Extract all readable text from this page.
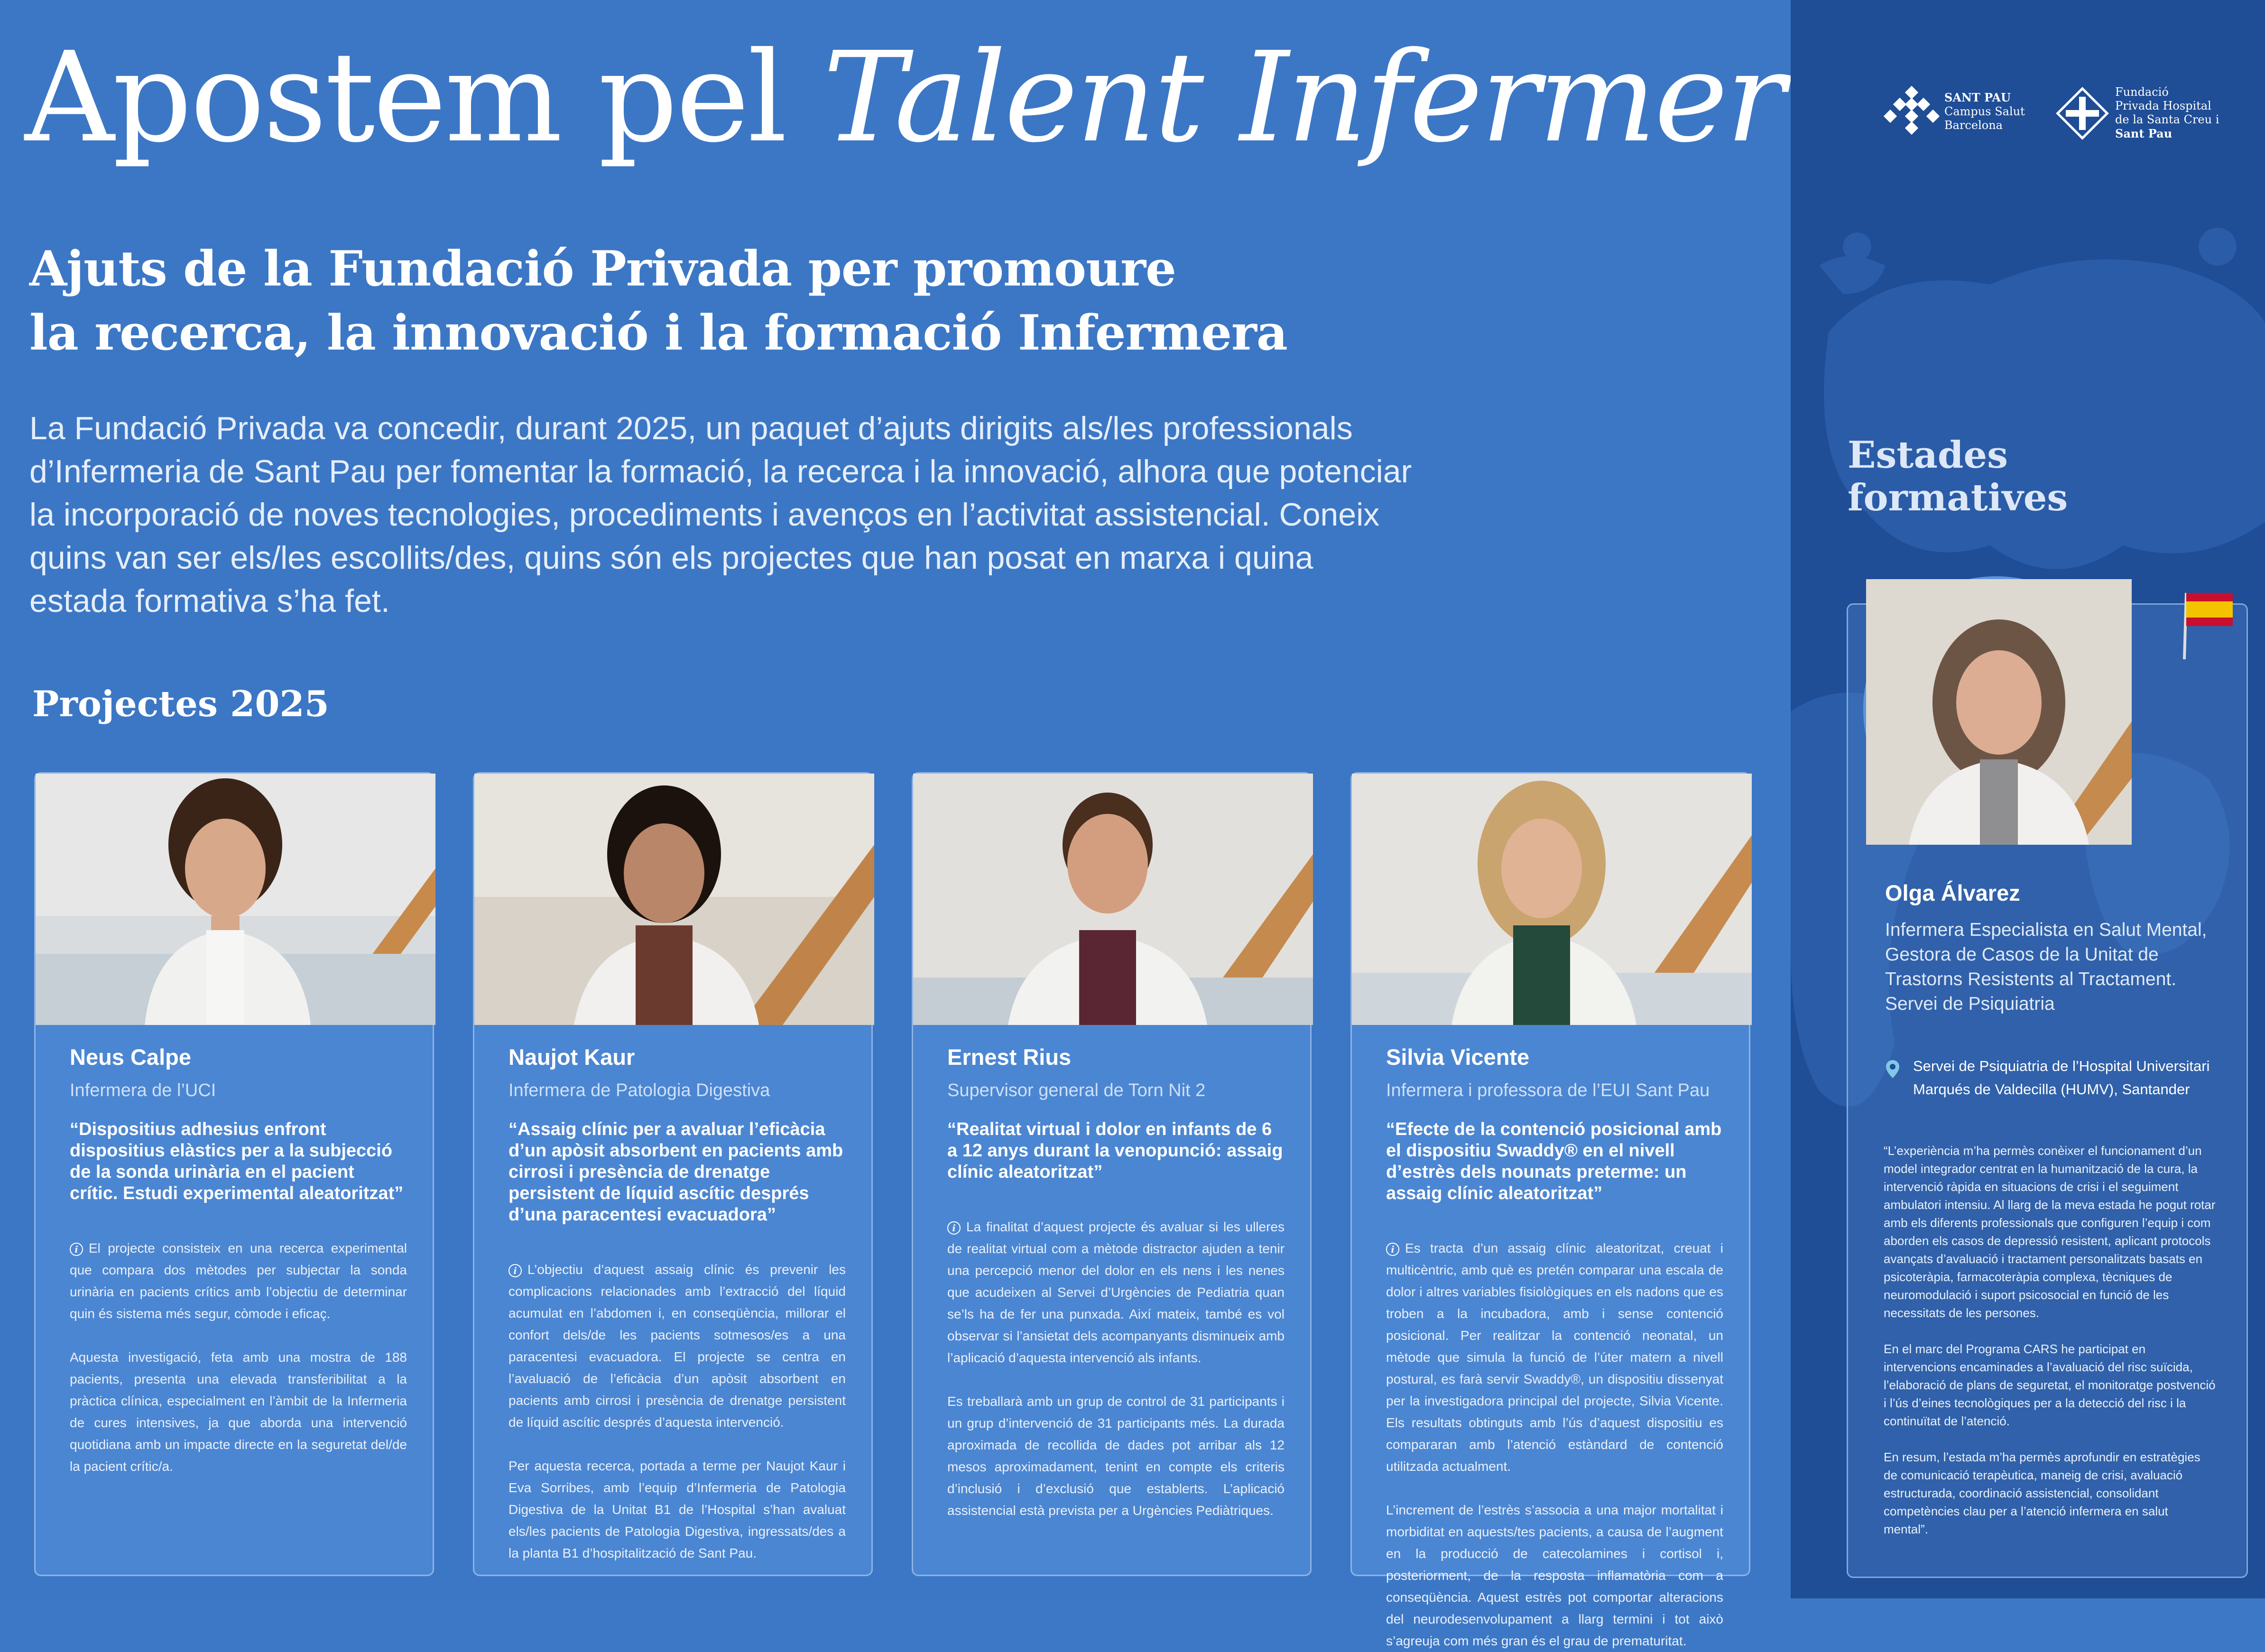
Apostem pel Talent Infermer
Ajuts de la Fundació Privada per promoure
la recerca, la innovació i la formació Infermera

La Fundació Privada va concedir, durant 2025, un paquet d’ajuts dirigits als/les professionals d’Infermeria de Sant Pau per fomentar la formació, la recerca i la innovació, alhora que potenciar la incorporació de noves tecnologies, procediments i avenços en l’activitat assistencial. Coneix quins van ser els/les escollits/des, quins són els projectes que han posat en marxa i quina estada formativa s’ha fet.

Projectes 2025
Neus Calpe
Infermera de l’UCI
“Dispositius adhesius enfront dispositius elàstics per a la subjecció de la sonda urinària en el pacient crític. Estudi experimental aleatoritzat”

i El projecte consisteix en una recerca experimental que compara dos mètodes per subjectar la sonda urinària en pacients crítics amb l’objectiu de determinar quin és sistema més segur, còmode i eficaç.

Aquesta investigació, feta amb una mostra de 188 pacients, presenta una elevada transferibilitat a la pràctica clínica, especialment en l’àmbit de la Infermeria de cures intensives, ja que aborda una intervenció quotidiana amb un impacte directe en la seguretat del/de la pacient crític/a.

Naujot Kaur
Infermera de Patologia Digestiva
“Assaig clínic per a avaluar l’eficàcia d’un apòsit absorbent en pacients amb cirrosi i presència de drenatge persistent de líquid ascític després d’una paracentesi evacuadora”

i L’objectiu d’aquest assaig clínic és prevenir les complicacions relacionades amb l’extracció del líquid acumulat en l’abdomen i, en conseqüència, millorar el confort dels/de les pacients sotmesos/es a una paracentesi evacuadora. El projecte se centra en l’avaluació de l’eficàcia d’un apòsit absorbent en pacients amb cirrosi i presència de drenatge persistent de líquid ascític després d’aquesta intervenció.

Per aquesta recerca, portada a terme per Naujot Kaur i Eva Sorribes, amb l’equip d’Infermeria de Patologia Digestiva de la Unitat B1 de l’Hospital s’han avaluat els/les pacients de Patologia Digestiva, ingressats/des a la planta B1 d’hospitalització de Sant Pau.

Ernest Rius
Supervisor general de Torn Nit 2
“Realitat virtual i dolor en infants de 6 a 12 anys durant la venopunció: assaig clínic aleatoritzat”

i La finalitat d’aquest projecte és avaluar si les ulleres de realitat virtual com a mètode distractor ajuden a tenir una percepció menor del dolor en els nens i les nenes que acudeixen al Servei d’Urgències de Pediatria quan se’ls ha de fer una punxada. Així mateix, també es vol observar si l’ansietat dels acompanyants disminueix amb l’aplicació d’aquesta intervenció als infants.

Es treballarà amb un grup de control de 31 participants i un grup d’intervenció de 31 participants més. La durada aproximada de recollida de dades pot arribar als 12 mesos aproximadament, tenint en compte els criteris d’inclusió i d’exclusió que establerts. L’aplicació assistencial està prevista per a Urgències Pediàtriques.

Silvia Vicente
Infermera i professora de l’EUI Sant Pau
“Efecte de la contenció posicional amb el dispositiu Swaddy® en el nivell d’estrès dels nounats preterme: un assaig clínic aleatoritzat”

i Es tracta d’un assaig clínic aleatoritzat, creuat i multicèntric, amb què es pretén comparar una escala de dolor i altres variables fisiològiques en els nadons que es troben a la incubadora, amb i sense contenció posicional. Per realitzar la contenció neonatal, un mètode que simula la funció de l’úter matern a nivell postural, es farà servir Swaddy®, un dispositiu dissenyat per la investigadora principal del projecte, Silvia Vicente. Els resultats obtinguts amb l’ús d’aquest dispositiu es compararan amb l’atenció estàndard de contenció utilitzada actualment.

L’increment de l’estrès s’associa a una major mortalitat i morbiditat en aquests/tes pacients, a causa de l’augment en la producció de catecolamines i cortisol i, posteriorment, de la resposta inflamatòria com a conseqüència. Aquest estrès pot comportar alteracions del neurodesenvolupament a llarg termini i tot això s’agreuja com més gran és el grau de prematuritat.

SANT PAU
Campus Salut
Barcelona
Fundació
Privada Hospital
de la Santa Creu i
Sant Pau
Estades
formatives
Olga Álvarez
Infermera Especialista en Salut Mental, Gestora de Casos de la Unitat de Trastorns Resistents al Tractament. Servei de Psiquiatria
Servei de Psiquiatria de l’Hospital Universitari Marqués de Valdecilla (HUMV), Santander

“L’experiència m’ha permès conèixer el funcionament d’un model integrador centrat en la humanització de la cura, la intervenció ràpida en situacions de crisi i el seguiment ambulatori intensiu. Al llarg de la meva estada he pogut rotar amb els diferents professionals que configuren l’equip i com aborden els casos de depressió resistent, aplicant protocols avançats d’avaluació i tractament personalitzats basats en psicoteràpia, farmacoteràpia complexa, tècniques de neuromodulació i suport psicosocial en funció de les necessitats de les persones.

En el marc del Programa CARS he participat en intervencions encaminades a l’avaluació del risc suïcida, l’elaboració de plans de seguretat, el monitoratge postvenció i l’ús d’eines tecnològiques per a la detecció del risc i la continuïtat de l’atenció.

En resum, l’estada m’ha permès aprofundir en estratègies de comunicació terapèutica, maneig de crisi, avaluació estructurada, coordinació assistencial, consolidant competències clau per a l’atenció infermera en salut mental”.
